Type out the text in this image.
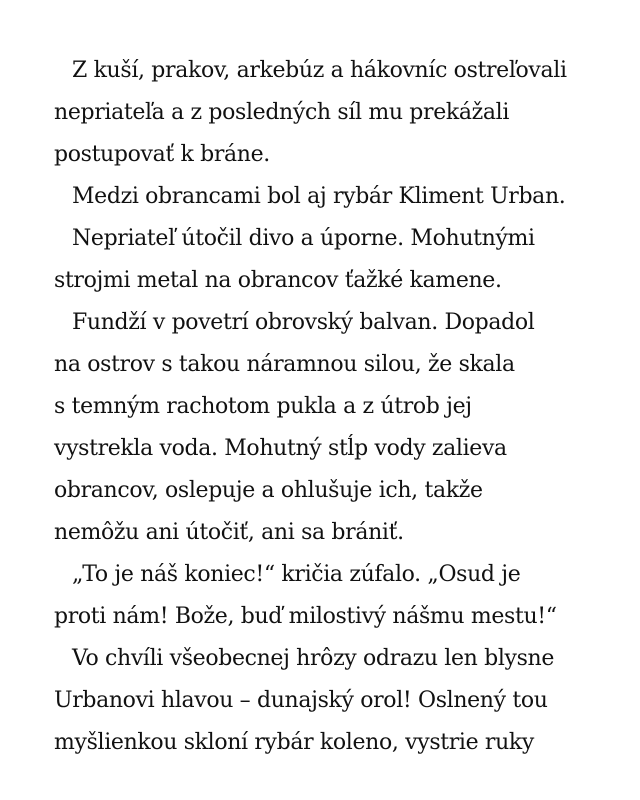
Z kuší, prakov, arkebúz a hákovníc ostreľovali
nepriateľa a z posledných síl mu prekážali
postupovať k bráne.
Medzi obrancami bol aj rybár Kliment Urban.
Nepriateľ útočil divo a úporne. Mohutnými
strojmi metal na obrancov ťažké kamene.
Fundží v povetrí obrovský balvan. Dopadol
na ostrov s takou náramnou silou, že skala
s temným rachotom pukla a z útrob jej
vystrekla voda. Mohutný stĺp vody zalieva
obrancov, oslepuje a ohlušuje ich, takže
nemôžu ani útočiť, ani sa brániť.
„To je náš koniec!“ kričia zúfalo. „Osud je
proti nám! Bože, buď milostivý nášmu mestu!“
Vo chvíli všeobecnej hrôzy odrazu len blysne
Urbanovi hlavou – dunajský orol! Oslnený tou
myšlienkou skloní rybár koleno, vystrie ruky
